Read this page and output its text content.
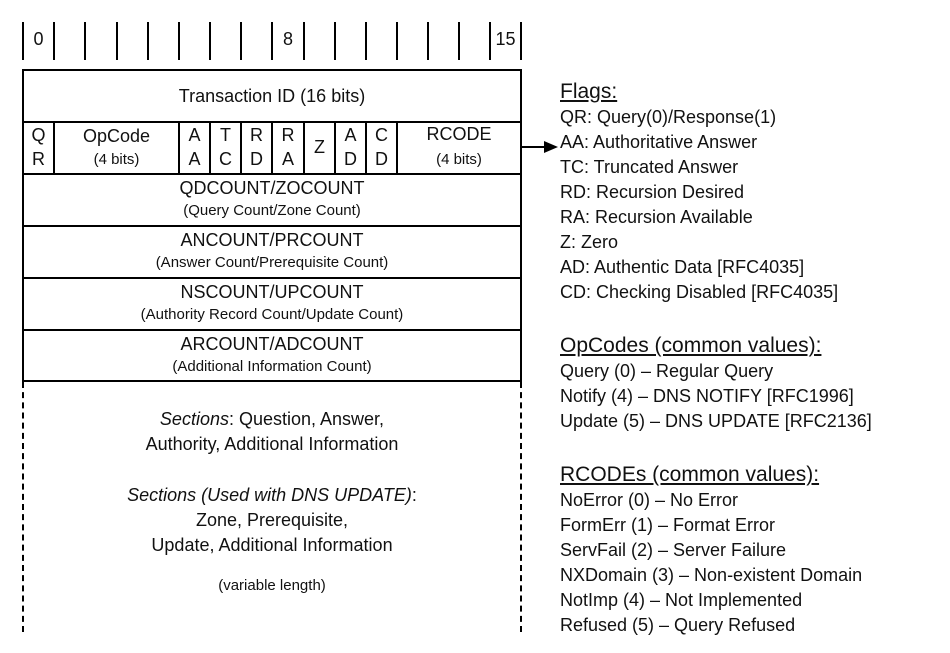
0	8	15
Transaction ID (16 bits)
Q
R
OpCode
(4 bits)
A
A
T
C
R
D
R
A
Z
A
D
C
D
RCODE
(4 bits)
QDCOUNT/ZOCOUNT
(Query Count/Zone Count)
ANCOUNT/PRCOUNT
(Answer Count/Prerequisite Count)
NSCOUNT/UPCOUNT
(Authority Record Count/Update Count)
ARCOUNT/ADCOUNT
(Additional Information Count)
Sections: Question, Answer,
Authority, Additional Information
Sections (Used with DNS UPDATE):
Zone, Prerequisite,
Update, Additional Information
(variable length)
Flags:
QR: Query(0)/Response(1)
AA: Authoritative Answer
TC: Truncated Answer
RD: Recursion Desired
RA: Recursion Available
Z: Zero
AD: Authentic Data [RFC4035]
CD: Checking Disabled [RFC4035]
OpCodes (common values):
Query (0) – Regular Query
Notify (4) – DNS NOTIFY [RFC1996]
Update (5) – DNS UPDATE [RFC2136]
RCODEs (common values):
NoError (0) – No Error
FormErr (1) – Format Error
ServFail (2) – Server Failure
NXDomain (3) – Non-existent Domain
NotImp (4) – Not Implemented
Refused (5) – Query Refused
